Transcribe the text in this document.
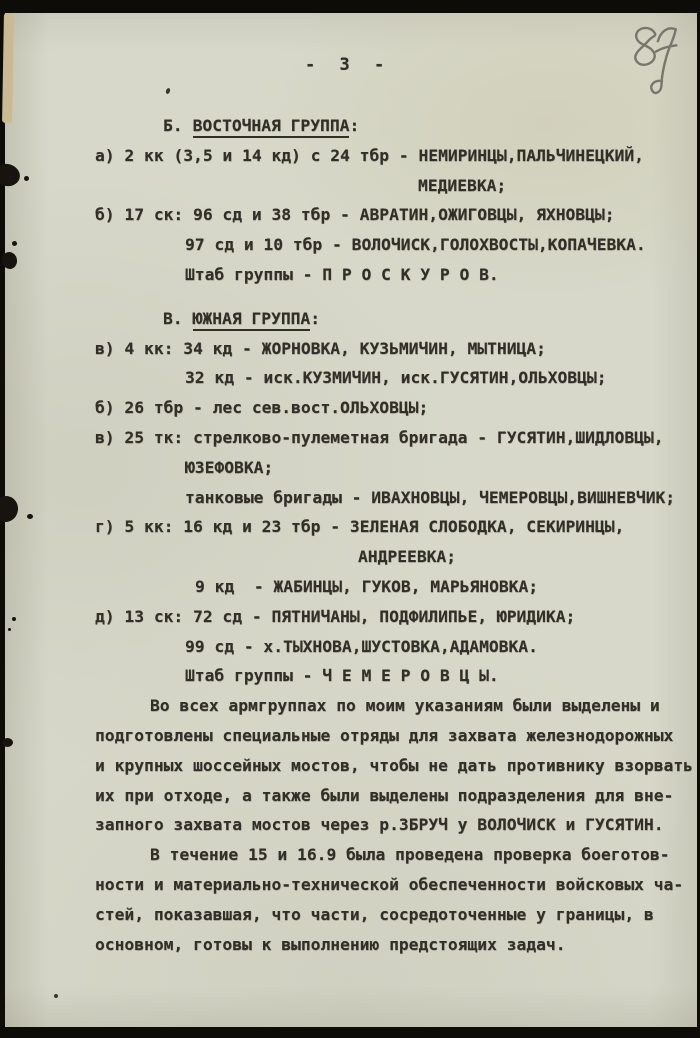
- 3 -
Б. ВОСТОЧНАЯ ГРУППА:
а) 2 кк (3,5 и 14 кд) с 24 тбр - НЕМИРИНЦЫ,ПАЛЬЧИНЕЦКИЙ,
МЕДИЕВКА;
б) 17 ск: 96 сд и 38 тбр - АВРАТИН,ОЖИГОВЦЫ, ЯХНОВЦЫ;
97 сд и 10 тбр - ВОЛОЧИСК,ГОЛОХВОСТЫ,КОПАЧЕВКА.
Штаб группы - П Р О С К У Р О В.
В. ЮЖНАЯ ГРУППА:
в) 4 кк: 34 кд - ЖОРНОВКА, КУЗЬМИЧИН, МЫТНИЦА;
32 кд - иск.КУЗМИЧИН, иск.ГУСЯТИН,ОЛЬХОВЦЫ;
б) 26 тбр - лес сев.вост.ОЛЬХОВЦЫ;
в) 25 тк: стрелково-пулеметная бригада - ГУСЯТИН,ШИДЛОВЦЫ,
ЮЗЕФОВКА;
танковые бригады - ИВАХНОВЦЫ, ЧЕМЕРОВЦЫ,ВИШНЕВЧИК;
г) 5 кк: 16 кд и 23 тбр - ЗЕЛЕНАЯ СЛОБОДКА, СЕКИРИНЦЫ,
АНДРЕЕВКА;
9 кд  - ЖАБИНЦЫ, ГУКОВ, МАРЬЯНОВКА;
д) 13 ск: 72 сд - ПЯТНИЧАНЫ, ПОДФИЛИПЬЕ, ЮРИДИКА;
99 сд - х.ТЫХНОВА,ШУСТОВКА,АДАМОВКА.
Штаб группы - Ч Е М Е Р О В Ц Ы.
Во всех армгруппах по моим указаниям были выделены и
подготовлены специальные отряды для захвата железнодорожных
и крупных шоссейных мостов, чтобы не дать противнику взорвать
их при отходе, а также были выделены подразделения для вне-
запного захвата мостов через р.ЗБРУЧ у ВОЛОЧИСК и ГУСЯТИН.
В течение 15 и 16.9 была проведена проверка боеготов-
ности и материально-технической обеспеченности войсковых ча-
стей, показавшая, что части, сосредоточенные у границы, в
основном, готовы к выполнению предстоящих задач.
